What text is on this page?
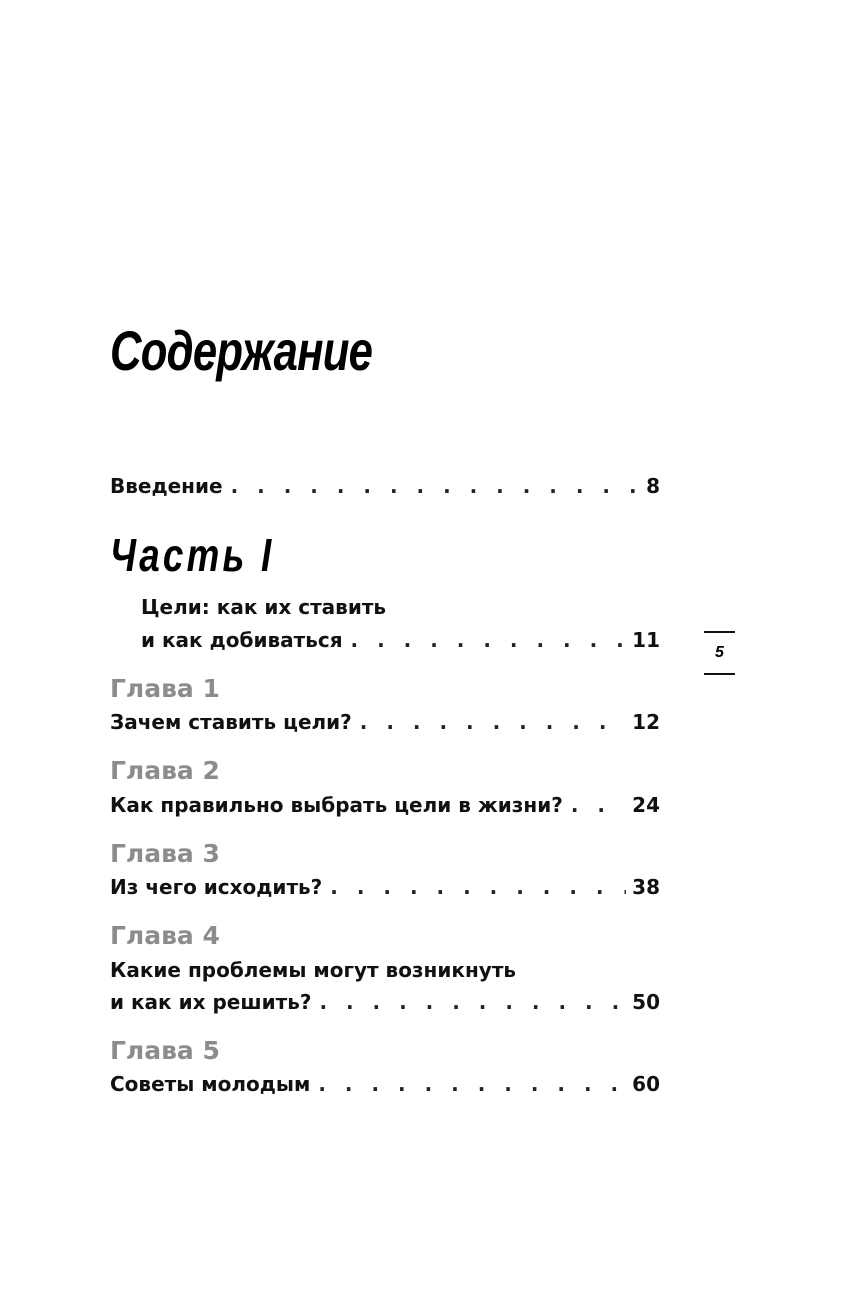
Содержание
Введение . . .	8
Часть I
Цели: как их ставить
и как добиваться . . .	11
Глава 1
Зачем ставить цели? . . .	12
Глава 2
Как правильно выбрать цели в жизни? . . .	24
Глава 3
Из чего исходить? . . .	38
Глава 4
Какие проблемы могут возникнуть
и как их решить? . . .	50
Глава 5
Советы молодым . . .	60
5
